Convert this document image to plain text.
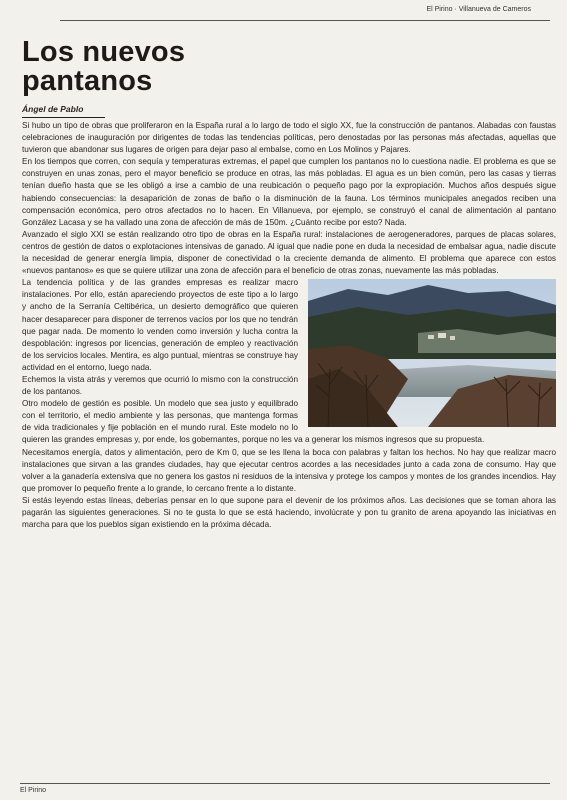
El Pirino · Villanueva de Cameros
Los nuevos pantanos
Ángel de Pablo

Si hubo un tipo de obras que proliferaron en la España rural a lo largo de todo el siglo XX, fue la construcción de pantanos. Alabadas con faustas celebraciones de inauguración por dirigentes de todas las tendencias políticas, pero denostadas por las personas más afectadas, aquellas que tuvieron que abandonar sus lugares de origen para dejar paso al embalse, como en Los Molinos y Pajares.

En los tiempos que corren, con sequía y temperaturas extremas, el papel que cumplen los pantanos no lo cuestiona nadie. El problema es que se construyen en unas zonas, pero el mayor beneficio se produce en otras, las más pobladas. El agua es un bien común, pero las casas y tierras tenían dueño hasta que se les obligó a irse a cambio de una reubicación o pequeño pago por la expropiación. Muchos años después sigue habiendo consecuencias: la desaparición de zonas de baño o la disminución de la fauna. Los términos municipales anegados reciben una compensación económica, pero otros afectados no lo hacen. En Villanueva, por ejemplo, se construyó el canal de alimentación al pantano González Lacasa y se ha vallado una zona de afección de más de 150m. ¿Cuánto recibe por esto? Nada.

Avanzado el siglo XXI se están realizando otro tipo de obras en la España rural: instalaciones de aerogeneradores, parques de placas solares, centros de gestión de datos o explotaciones intensivas de ganado. Al igual que nadie pone en duda la necesidad de embalsar agua, nadie discute la necesidad de generar energía limpia, disponer de conectividad o la creciente demanda de alimento. El problema que aparece con estos «nuevos pantanos» es que se quiere utilizar una zona de afección para el beneficio de otras zonas, nuevamente las más pobladas.

La tendencia política y de las grandes empresas es realizar macro instalaciones. Por ello, están apareciendo proyectos de este tipo a lo largo y ancho de la Serranía Celtibérica, un desierto demográfico que quieren hacer desaparecer para disponer de terrenos vacíos por los que no tendrán que pagar nada. De momento lo venden como inversión y lucha contra la despoblación: ingresos por licencias, generación de empleo y reactivación de los servicios locales. Mentira, es algo puntual, mientras se construye hay actividad en el entorno, luego nada.

Echemos la vista atrás y veremos que ocurrió lo mismo con la construcción de los pantanos.

Otro modelo de gestión es posible. Un modelo que sea justo y equilibrado con el territorio, el medio ambiente y las personas, que mantenga formas de vida tradicionales y fije población en el mundo rural. Este modelo no lo quieren las grandes empresas y, por ende, los gobernantes, porque no les va a generar los mismos ingresos que su propuesta.

Necesitamos energía, datos y alimentación, pero de Km 0, que se les llena la boca con palabras y faltan los hechos. No hay que realizar macro instalaciones que sirvan a las grandes ciudades, hay que ejecutar centros acordes a las necesidades junto a cada zona de consumo. Hay que volver a la ganadería extensiva que no genera los gastos ni residuos de la intensiva y protege los campos y montes de los grandes incendios. Hay que promover lo pequeño frente a lo grande, lo cercano frente a lo distante.

Si estás leyendo estas líneas, deberías pensar en lo que supone para el devenir de los próximos años. Las decisiones que se toman ahora las pagarán las siguientes generaciones. Si no te gusta lo que se está haciendo, involúcrate y pon tu granito de arena apoyando las iniciativas en marcha para que los pueblos sigan existiendo en la próxima década.

El Pirino
